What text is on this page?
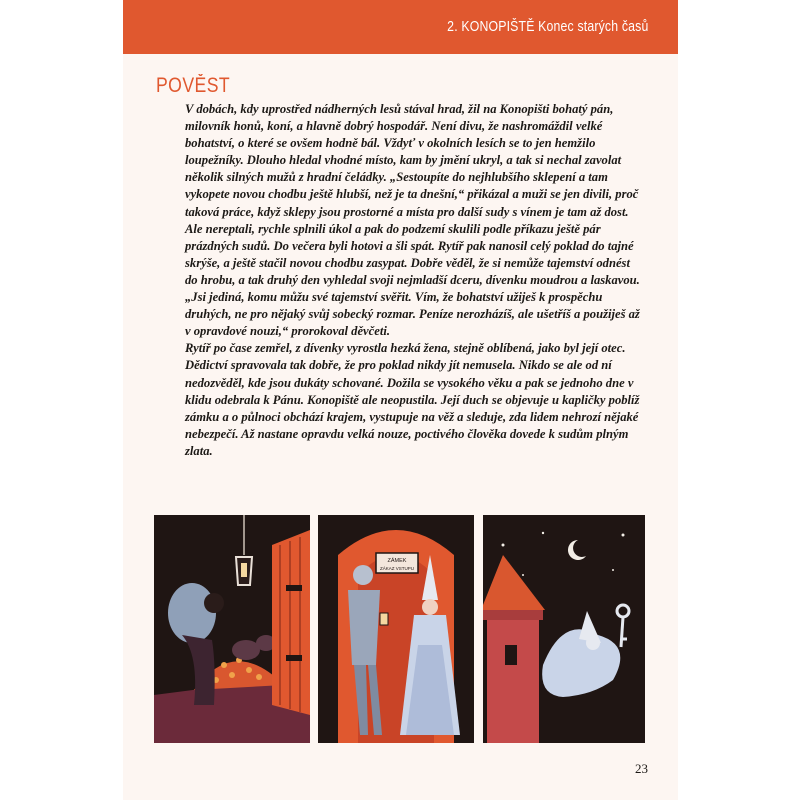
2. KONOPIŠTĚ Konec starých časů
POVĚST
V dobách, kdy uprostřed nádherných lesů stával hrad, žil na Konopišti bohatý pán, milovník honů, koní, a hlavně dobrý hospodář. Není divu, že nashromáždil velké bohatství, o které se ovšem hodně bál. Vždyť v okolních lesích se to jen hemžilo loupežníky. Dlouho hledal vhodné místo, kam by jmění ukryl, a tak si nechal zavolat několik silných mužů z hradní čeládky. „Sestoupíte do nejhlubšího sklepení a tam vykopete novou chodbu ještě hlubší, než je ta dnešní,“ přikázal a muži se jen divili, proč taková práce, když sklepy jsou prostorné a místa pro další sudy s vínem je tam až dost. Ale nereptali, rychle splnili úkol a pak do podzemí skulili podle příkazu ještě pár prázdných sudů. Do večera byli hotovi a šli spát. Rytíř pak nanosil celý poklad do tajné skrýše, a ještě stačil novou chodbu zasypat. Dobře věděl, že si nemůže tajemství odnést do hrobu, a tak druhý den vyhledal svoji nejmladší dceru, dívenku moudrou a laskavou. „Jsi jediná, komu můžu své tajemství svěřit. Vím, že bohatství užiješ k prospěchu druhých, ne pro nějaký svůj sobecký rozmar. Peníze nerozházíš, ale ušetříš a použiješ až v opravdové nouzi,“ prorokoval děvčeti.
Rytíř po čase zemřel, z dívenky vyrostla hezká žena, stejně oblíbená, jako byl její otec. Dědictví spravovala tak dobře, že pro poklad nikdy jít nemusela. Nikdo se ale od ní nedozvěděl, kde jsou dukáty schované. Dožila se vysokého věku a pak se jednoho dne v klidu odebrala k Pánu. Konopiště ale neopustila. Její duch se objevuje u kapličky poblíž zámku a o půlnoci obchází krajem, vystupuje na věž a sleduje, zda lidem nehrozí nějaké nebezpečí. Až nastane opravdu velká nouze, poctivého člověka dovede k sudům plným zlata.
ZÁMEK
ZÁKAZ VSTUPU
23
